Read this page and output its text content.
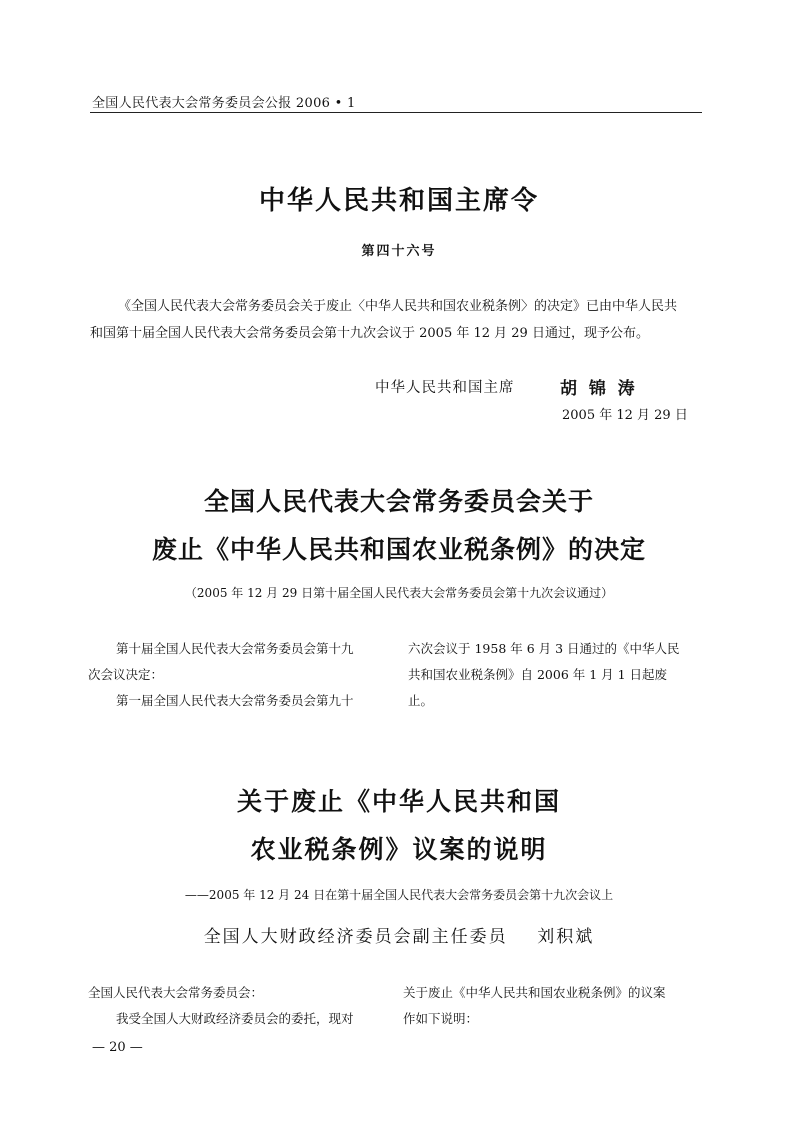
全国人民代表大会常务委员会公报 2006 • 1
中华人民共和国主席令
第四十六号
《全国人民代表大会常务委员会关于废止〈中华人民共和国农业税条例〉的决定》已由中华人民共
和国第十届全国人民代表大会常务委员会第十九次会议于 2005 年 12 月 29 日通过，现予公布。
中华人民共和国主席	胡  锦  涛
2005 年 12 月 29 日
全国人民代表大会常务委员会关于
废止《中华人民共和国农业税条例》的决定
（2005 年 12 月 29 日第十届全国人民代表大会常务委员会第十九次会议通过）
第十届全国人民代表大会常务委员会第十九
次会议决定：
第一届全国人民代表大会常务委员会第九十
六次会议于 1958 年 6 月 3 日通过的《中华人民
共和国农业税条例》自 2006 年 1 月 1 日起废
止。
关于废止《中华人民共和国
农业税条例》议案的说明
——2005 年 12 月 24 日在第十届全国人民代表大会常务委员会第十九次会议上
全国人大财政经济委员会副主任委员    刘积斌
全国人民代表大会常务委员会：
我受全国人大财政经济委员会的委托，现对
关于废止《中华人民共和国农业税条例》的议案
作如下说明：
— 20 —
